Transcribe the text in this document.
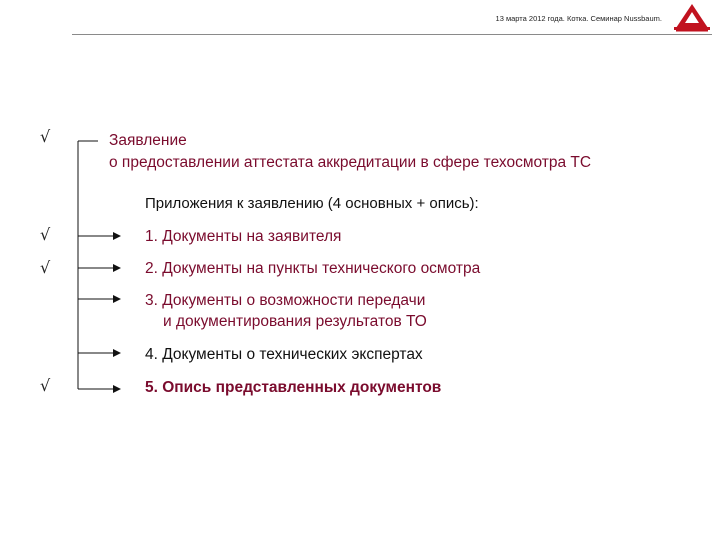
13 марта 2012 года. Котка. Семинар Nussbaum.
√
√
√
√
Заявление
о предоставлении аттестата аккредитации в сфере техосмотра ТС
Приложения к заявлению (4 основных + опись):
1. Документы на заявителя
2. Документы на пункты технического осмотра
3. Документы о возможности передачи
и документирования результатов ТО
4. Документы о технических экспертах
5. Опись представленных документов
